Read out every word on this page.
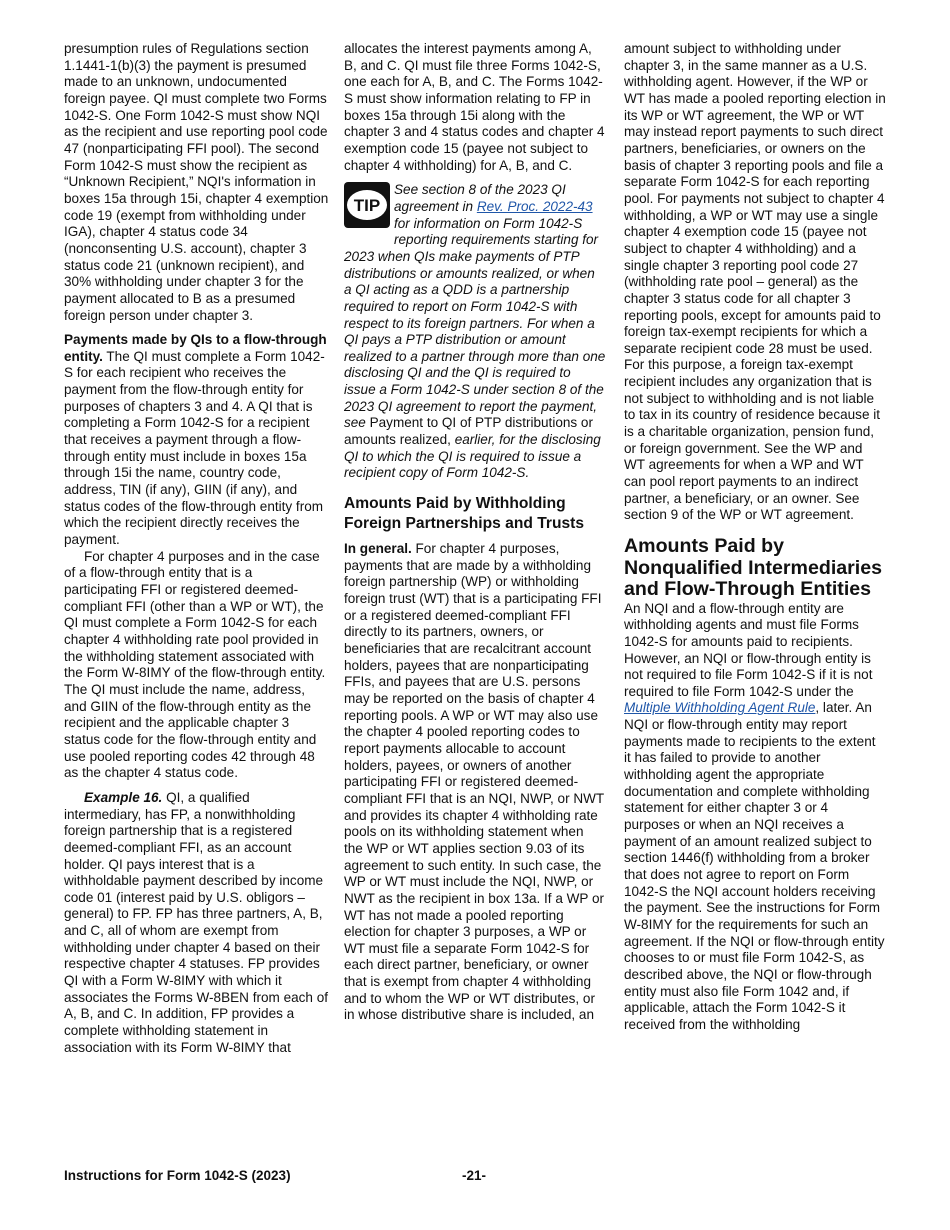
presumption rules of Regulations section 1.1441-1(b)(3) the payment is presumed made to an unknown, undocumented foreign payee. QI must complete two Forms 1042-S. One Form 1042-S must show NQI as the recipient and use reporting pool code 47 (nonparticipating FFI pool). The second Form 1042-S must show the recipient as “Unknown Recipient,” NQI's information in boxes 15a through 15i, chapter 4 exemption code 19 (exempt from withholding under IGA), chapter 4 status code 34 (nonconsenting U.S. account), chapter 3 status code 21 (unknown recipient), and 30% withholding under chapter 3 for the payment allocated to B as a presumed foreign person under chapter 3.

Payments made by QIs to a flow-through entity. The QI must complete a Form 1042-S for each recipient who receives the payment from the flow-through entity for purposes of chapters 3 and 4. A QI that is completing a Form 1042-S for a recipient that receives a payment through a flow-through entity must include in boxes 15a through 15i the name, country code, address, TIN (if any), GIIN (if any), and status codes of the flow-through entity from which the recipient directly receives the payment.

For chapter 4 purposes and in the case of a flow-through entity that is a participating FFI or registered deemed-compliant FFI (other than a WP or WT), the QI must complete a Form 1042-S for each chapter 4 withholding rate pool provided in the withholding statement associated with the Form W-8IMY of the flow-through entity. The QI must include the name, address, and GIIN of the flow-through entity as the recipient and the applicable chapter 3 status code for the flow-through entity and use pooled reporting codes 42 through 48 as the chapter 4 status code.

Example 16. QI, a qualified intermediary, has FP, a nonwithholding foreign partnership that is a registered deemed-compliant FFI, as an account holder. QI pays interest that is a withholdable payment described by income code 01 (interest paid by U.S. obligors – general) to FP. FP has three partners, A, B, and C, all of whom are exempt from withholding under chapter 4 based on their respective chapter 4 statuses. FP provides QI with a Form W-8IMY with which it associates the Forms W-8BEN from each of A, B, and C. In addition, FP provides a complete withholding statement in association with its Form W-8IMY that

allocates the interest payments among A, B, and C. QI must file three Forms 1042-S, one each for A, B, and C. The Forms 1042-S must show information relating to FP in boxes 15a through 15i along with the chapter 3 and 4 status codes and chapter 4 exemption code 15 (payee not subject to chapter 4 withholding) for A, B, and C.

TIP

See section 8 of the 2023 QI agreement in Rev. Proc. 2022-43 for information on Form 1042-S reporting requirements starting for 2023 when QIs make payments of PTP distributions or amounts realized, or when a QI acting as a QDD is a partnership required to report on Form 1042-S with respect to its foreign partners. For when a QI pays a PTP distribution or amount realized to a partner through more than one disclosing QI and the QI is required to issue a Form 1042-S under section 8 of the 2023 QI agreement to report the payment, see Payment to QI of PTP distributions or amounts realized, earlier, for the disclosing QI to which the QI is required to issue a recipient copy of Form 1042-S.

Amounts Paid by Withholding Foreign Partnerships and Trusts

In general. For chapter 4 purposes, payments that are made by a withholding foreign partnership (WP) or withholding foreign trust (WT) that is a participating FFI or a registered deemed-compliant FFI directly to its partners, owners, or beneficiaries that are recalcitrant account holders, payees that are nonparticipating FFIs, and payees that are U.S. persons may be reported on the basis of chapter 4 reporting pools. A WP or WT may also use the chapter 4 pooled reporting codes to report payments allocable to account holders, payees, or owners of another participating FFI or registered deemed-compliant FFI that is an NQI, NWP, or NWT and provides its chapter 4 withholding rate pools on its withholding statement when the WP or WT applies section 9.03 of its agreement to such entity. In such case, the WP or WT must include the NQI, NWP, or NWT as the recipient in box 13a. If a WP or WT has not made a pooled reporting election for chapter 3 purposes, a WP or WT must file a separate Form 1042-S for each direct partner, beneficiary, or owner that is exempt from chapter 4 withholding and to whom the WP or WT distributes, or in whose distributive share is included, an

amount subject to withholding under chapter 3, in the same manner as a U.S. withholding agent. However, if the WP or WT has made a pooled reporting election in its WP or WT agreement, the WP or WT may instead report payments to such direct partners, beneficiaries, or owners on the basis of chapter 3 reporting pools and file a separate Form 1042-S for each reporting pool. For payments not subject to chapter 4 withholding, a WP or WT may use a single chapter 4 exemption code 15 (payee not subject to chapter 4 withholding) and a single chapter 3 reporting pool code 27 (withholding rate pool – general) as the chapter 3 status code for all chapter 3 reporting pools, except for amounts paid to foreign tax-exempt recipients for which a separate recipient code 28 must be used. For this purpose, a foreign tax-exempt recipient includes any organization that is not subject to withholding and is not liable to tax in its country of residence because it is a charitable organization, pension fund, or foreign government. See the WP and WT agreements for when a WP and WT can pool report payments to an indirect partner, a beneficiary, or an owner. See section 9 of the WP or WT agreement.

Amounts Paid by Nonqualified Intermediaries and Flow-Through Entities

An NQI and a flow-through entity are withholding agents and must file Forms 1042-S for amounts paid to recipients. However, an NQI or flow-through entity is not required to file Form 1042-S if it is not required to file Form 1042-S under the Multiple Withholding Agent Rule, later. An NQI or flow-through entity may report payments made to recipients to the extent it has failed to provide to another withholding agent the appropriate documentation and complete withholding statement for either chapter 3 or 4 purposes or when an NQI receives a payment of an amount realized subject to section 1446(f) withholding from a broker that does not agree to report on Form 1042-S the NQI account holders receiving the payment. See the instructions for Form W-8IMY for the requirements for such an agreement. If the NQI or flow-through entity chooses to or must file Form 1042-S, as described above, the NQI or flow-through entity must also file Form 1042 and, if applicable, attach the Form 1042-S it received from the withholding

Instructions for Form 1042-S (2023)	-21-
